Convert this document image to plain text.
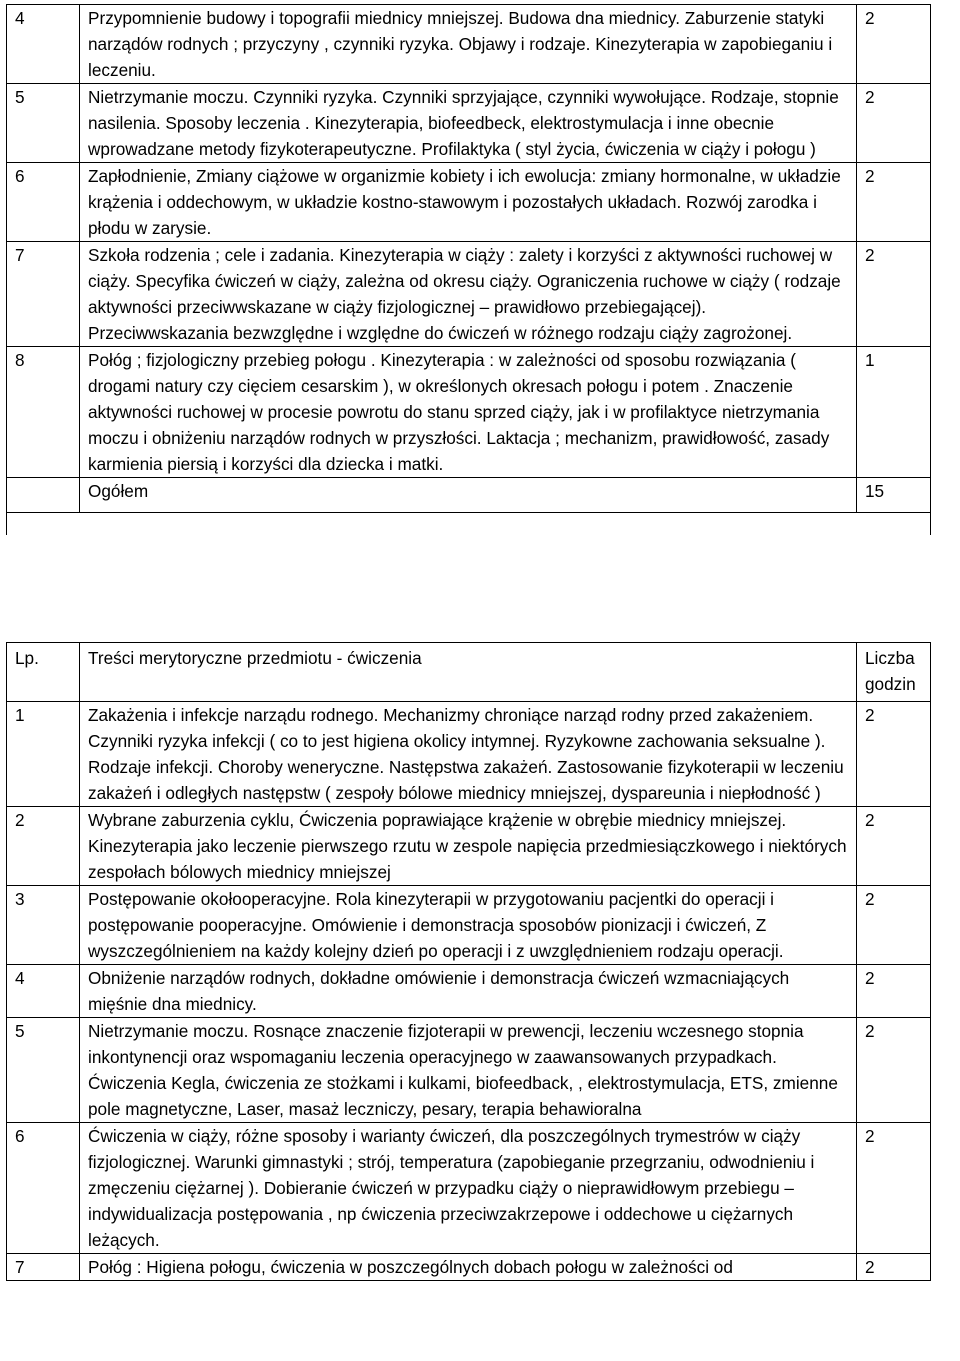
4	Przypomnienie budowy i topografii miednicy mniejszej. Budowa dna miednicy. Zaburzenie statyki narządów rodnych ; przyczyny , czynniki ryzyka. Objawy i rodzaje. Kinezyterapia w zapobieganiu i leczeniu.	2
5	Nietrzymanie moczu. Czynniki ryzyka. Czynniki sprzyjające, czynniki wywołujące. Rodzaje, stopnie nasilenia. Sposoby leczenia . Kinezyterapia, biofeedbeck, elektrostymulacja i inne obecnie wprowadzane metody fizykoterapeutyczne. Profilaktyka ( styl życia, ćwiczenia w ciąży i połogu )	2
6	Zapłodnienie, Zmiany ciążowe w organizmie kobiety i ich ewolucja: zmiany hormonalne, w układzie krążenia i oddechowym, w układzie kostno-stawowym i pozostałych układach. Rozwój zarodka i płodu w zarysie.	2
7	Szkoła rodzenia ; cele i zadania. Kinezyterapia w ciąży : zalety i korzyści z aktywności ruchowej w ciąży. Specyfika ćwiczeń w ciąży, zależna od okresu ciąży. Ograniczenia ruchowe w ciąży ( rodzaje aktywności przeciwwskazane w ciąży fizjologicznej – prawidłowo przebiegającej). Przeciwwskazania bezwzględne i względne do ćwiczeń w różnego rodzaju ciąży zagrożonej.	2
8	Połóg ; fizjologiczny przebieg połogu . Kinezyterapia : w zależności od sposobu rozwiązania ( drogami natury czy cięciem cesarskim ), w określonych okresach połogu i potem . Znaczenie aktywności ruchowej w procesie powrotu do stanu sprzed ciąży, jak i w profilaktyce nietrzymania moczu i obniżeniu narządów rodnych w przyszłości. Laktacja ; mechanizm, prawidłowość, zasady karmienia piersią i korzyści dla dziecka i matki.	1
	Ogółem	15

Lp.	Treści merytoryczne przedmiotu - ćwiczenia	Liczba godzin
1	Zakażenia i infekcje narządu rodnego. Mechanizmy chroniące narząd rodny przed zakażeniem. Czynniki ryzyka infekcji ( co to jest higiena okolicy intymnej. Ryzykowne zachowania seksualne ). Rodzaje infekcji. Choroby weneryczne. Następstwa zakażeń. Zastosowanie fizykoterapii w leczeniu zakażeń i odległych następstw ( zespoły bólowe miednicy mniejszej, dyspareunia i niepłodność )	2
2	Wybrane zaburzenia cyklu, Ćwiczenia poprawiające krążenie w obrębie miednicy mniejszej. Kinezyterapia jako leczenie pierwszego rzutu w zespole napięcia przedmiesiączkowego i niektórych zespołach bólowych miednicy mniejszej	2
3	Postępowanie okołooperacyjne. Rola kinezyterapii w przygotowaniu pacjentki do operacji i postępowanie pooperacyjne. Omówienie i demonstracja sposobów pionizacji i ćwiczeń, Z wyszczególnieniem na każdy kolejny dzień po operacji i z uwzględnieniem rodzaju operacji.	2
4	Obniżenie narządów rodnych, dokładne omówienie i demonstracja ćwiczeń wzmacniających mięśnie dna miednicy.	2
5	Nietrzymanie moczu. Rosnące znaczenie fizjoterapii w prewencji, leczeniu wczesnego stopnia inkontynencji oraz wspomaganiu leczenia operacyjnego w zaawansowanych przypadkach. Ćwiczenia Kegla, ćwiczenia ze stożkami i kulkami, biofeedback, , elektrostymulacja, ETS, zmienne pole magnetyczne, Laser, masaż leczniczy, pesary, terapia behawioralna	2
6	Ćwiczenia w ciąży, różne sposoby i warianty ćwiczeń, dla poszczególnych trymestrów w ciąży fizjologicznej. Warunki gimnastyki ; strój, temperatura (zapobieganie przegrzaniu, odwodnieniu i zmęczeniu ciężarnej ). Dobieranie ćwiczeń w przypadku ciąży o nieprawidłowym przebiegu – indywidualizacja postępowania , np ćwiczenia przeciwzakrzepowe i oddechowe u ciężarnych leżących.	2
7	Połóg : Higiena połogu, ćwiczenia w poszczególnych dobach połogu w zależności od	2
